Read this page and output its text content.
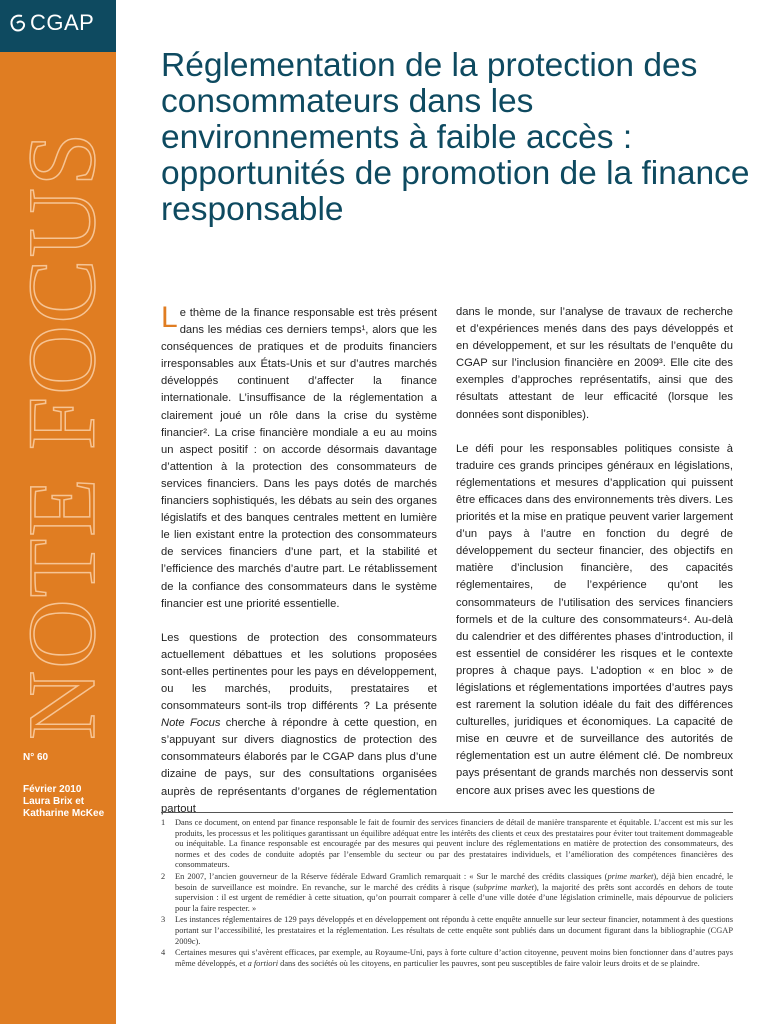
CGAP
NOTE FOCUS
N° 60
Février 2010
Laura Brix et
Katharine McKee
Réglementation de la protection des consommateurs dans les environnements à faible accès : opportunités de promotion de la finance responsable

Le thème de la finance responsable est très présent dans les médias ces derniers temps¹, alors que les conséquences de pratiques et de produits financiers irresponsables aux États-Unis et sur d’autres marchés développés continuent d’affecter la finance internationale. L’insuffisance de la réglementation a clairement joué un rôle dans la crise du système financier². La crise financière mondiale a eu au moins un aspect positif : on accorde désormais davantage d’attention à la protection des consommateurs de services financiers. Dans les pays dotés de marchés financiers sophistiqués, les débats au sein des organes législatifs et des banques centrales mettent en lumière le lien existant entre la protection des consommateurs de services financiers d’une part, et la stabilité et l’efficience des marchés d’autre part. Le rétablissement de la confiance des consommateurs dans le système financier est une priorité essentielle.

Les questions de protection des consommateurs actuellement débattues et les solutions proposées sont-elles pertinentes pour les pays en développement, ou les marchés, produits, prestataires et consommateurs sont-ils trop différents ? La présente Note Focus cherche à répondre à cette question, en s’appuyant sur divers diagnostics de protection des consommateurs élaborés par le CGAP dans plus d’une dizaine de pays, sur des consultations organisées auprès de représentants d’organes de réglementation partout

dans le monde, sur l’analyse de travaux de recherche et d’expériences menés dans des pays développés et en développement, et sur les résultats de l’enquête du CGAP sur l’inclusion financière en 2009³. Elle cite des exemples d’approches représentatifs, ainsi que des résultats attestant de leur efficacité (lorsque les données sont disponibles).

Le défi pour les responsables politiques consiste à traduire ces grands principes généraux en législations, réglementations et mesures d’application qui puissent être efficaces dans des environnements très divers. Les priorités et la mise en pratique peuvent varier largement d’un pays à l’autre en fonction du degré de développement du secteur financier, des objectifs en matière d’inclusion financière, des capacités réglementaires, de l’expérience qu’ont les consommateurs de l’utilisation des services financiers formels et de la culture des consommateurs⁴. Au-delà du calendrier et des différentes phases d’introduction, il est essentiel de considérer les risques et le contexte propres à chaque pays. L’adoption « en bloc » de législations et réglementations importées d’autres pays est rarement la solution idéale du fait des différences culturelles, juridiques et économiques. La capacité de mise en œuvre et de surveillance des autorités de réglementation est un autre élément clé. De nombreux pays présentant de grands marchés non desservis sont encore aux prises avec les questions de

1	Dans ce document, on entend par finance responsable le fait de fournir des services financiers de détail de manière transparente et équitable. L’accent est mis sur les produits, les processus et les politiques garantissant un équilibre adéquat entre les intérêts des clients et ceux des prestataires pour éviter tout traitement dommageable ou inéquitable. La finance responsable est encouragée par des mesures qui peuvent inclure des réglementations en matière de protection des consommateurs, des normes et des codes de conduite adoptés par l’ensemble du secteur ou par des prestataires individuels, et l’amélioration des compétences financières des consommateurs.
2	En 2007, l’ancien gouverneur de la Réserve fédérale Edward Gramlich remarquait : « Sur le marché des crédits classiques (prime market), déjà bien encadré, le besoin de surveillance est moindre. En revanche, sur le marché des crédits à risque (subprime market), la majorité des prêts sont accordés en dehors de toute supervision : il est urgent de remédier à cette situation, qu’on pourrait comparer à celle d’une ville dotée d’une législation criminelle, mais dépourvue de policiers pour la faire respecter. »
3	Les instances réglementaires de 129 pays développés et en développement ont répondu à cette enquête annuelle sur leur secteur financier, notamment à des questions portant sur l’accessibilité, les prestataires et la réglementation. Les résultats de cette enquête sont publiés dans un document figurant dans la bibliographie (CGAP 2009c).
4	Certaines mesures qui s’avèrent efficaces, par exemple, au Royaume-Uni, pays à forte culture d’action citoyenne, peuvent moins bien fonctionner dans d’autres pays même développés, et a fortiori dans des sociétés où les citoyens, en particulier les pauvres, sont peu susceptibles de faire valoir leurs droits et de se plaindre.
